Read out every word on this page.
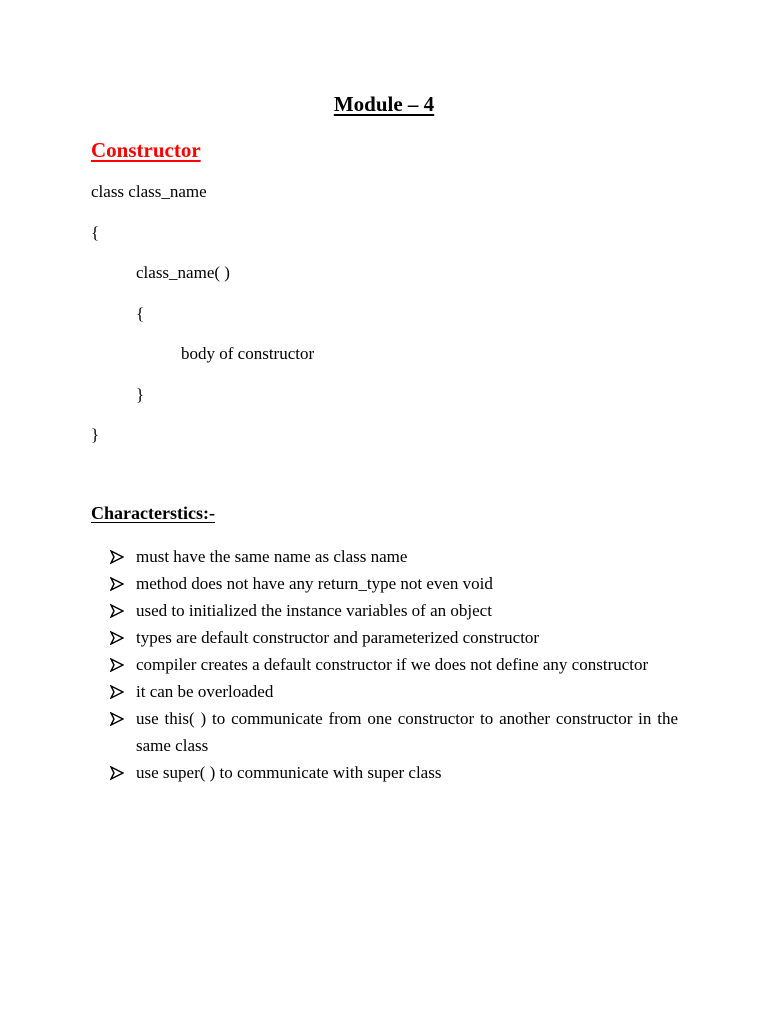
Module – 4
Constructor
class class_name
{
class_name( )
{
body of constructor
}
}
Characterstics:-
must have the same name as class name
method does not have any return_type not even void
used to initialized the instance variables of an object
types are default constructor and parameterized constructor
compiler creates a default constructor if we does not define any constructor
it can be overloaded
use this( ) to communicate from one constructor to another constructor in the same class
use super( ) to communicate with super class
